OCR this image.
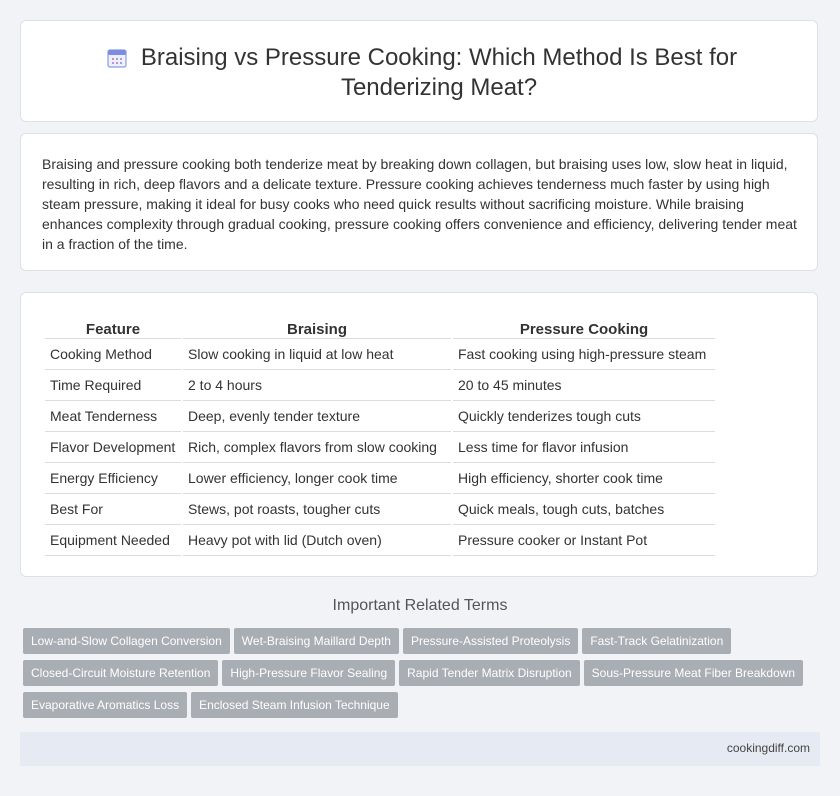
Braising vs Pressure Cooking: Which Method Is Best for Tenderizing Meat?

Braising and pressure cooking both tenderize meat by breaking down collagen, but braising uses low, slow heat in liquid, resulting in rich, deep flavors and a delicate texture. Pressure cooking achieves tenderness much faster by using high steam pressure, making it ideal for busy cooks who need quick results without sacrificing moisture. While braising enhances complexity through gradual cooking, pressure cooking offers convenience and efficiency, delivering tender meat in a fraction of the time.

Feature	Braising	Pressure Cooking
Cooking Method	Slow cooking in liquid at low heat	Fast cooking using high-pressure steam
Time Required	2 to 4 hours	20 to 45 minutes
Meat Tenderness	Deep, evenly tender texture	Quickly tenderizes tough cuts
Flavor Development	Rich, complex flavors from slow cooking	Less time for flavor infusion
Energy Efficiency	Lower efficiency, longer cook time	High efficiency, shorter cook time
Best For	Stews, pot roasts, tougher cuts	Quick meals, tough cuts, batches
Equipment Needed	Heavy pot with lid (Dutch oven)	Pressure cooker or Instant Pot
Important Related Terms
Low-and-Slow Collagen Conversion Wet-Braising Maillard Depth Pressure-Assisted Proteolysis Fast-Track GelatinizationClosed-Circuit Moisture Retention High-Pressure Flavor Sealing Rapid Tender Matrix Disruption Sous-Pressure Meat Fiber BreakdownEvaporative Aromatics Loss Enclosed Steam Infusion Technique
cookingdiff.com
